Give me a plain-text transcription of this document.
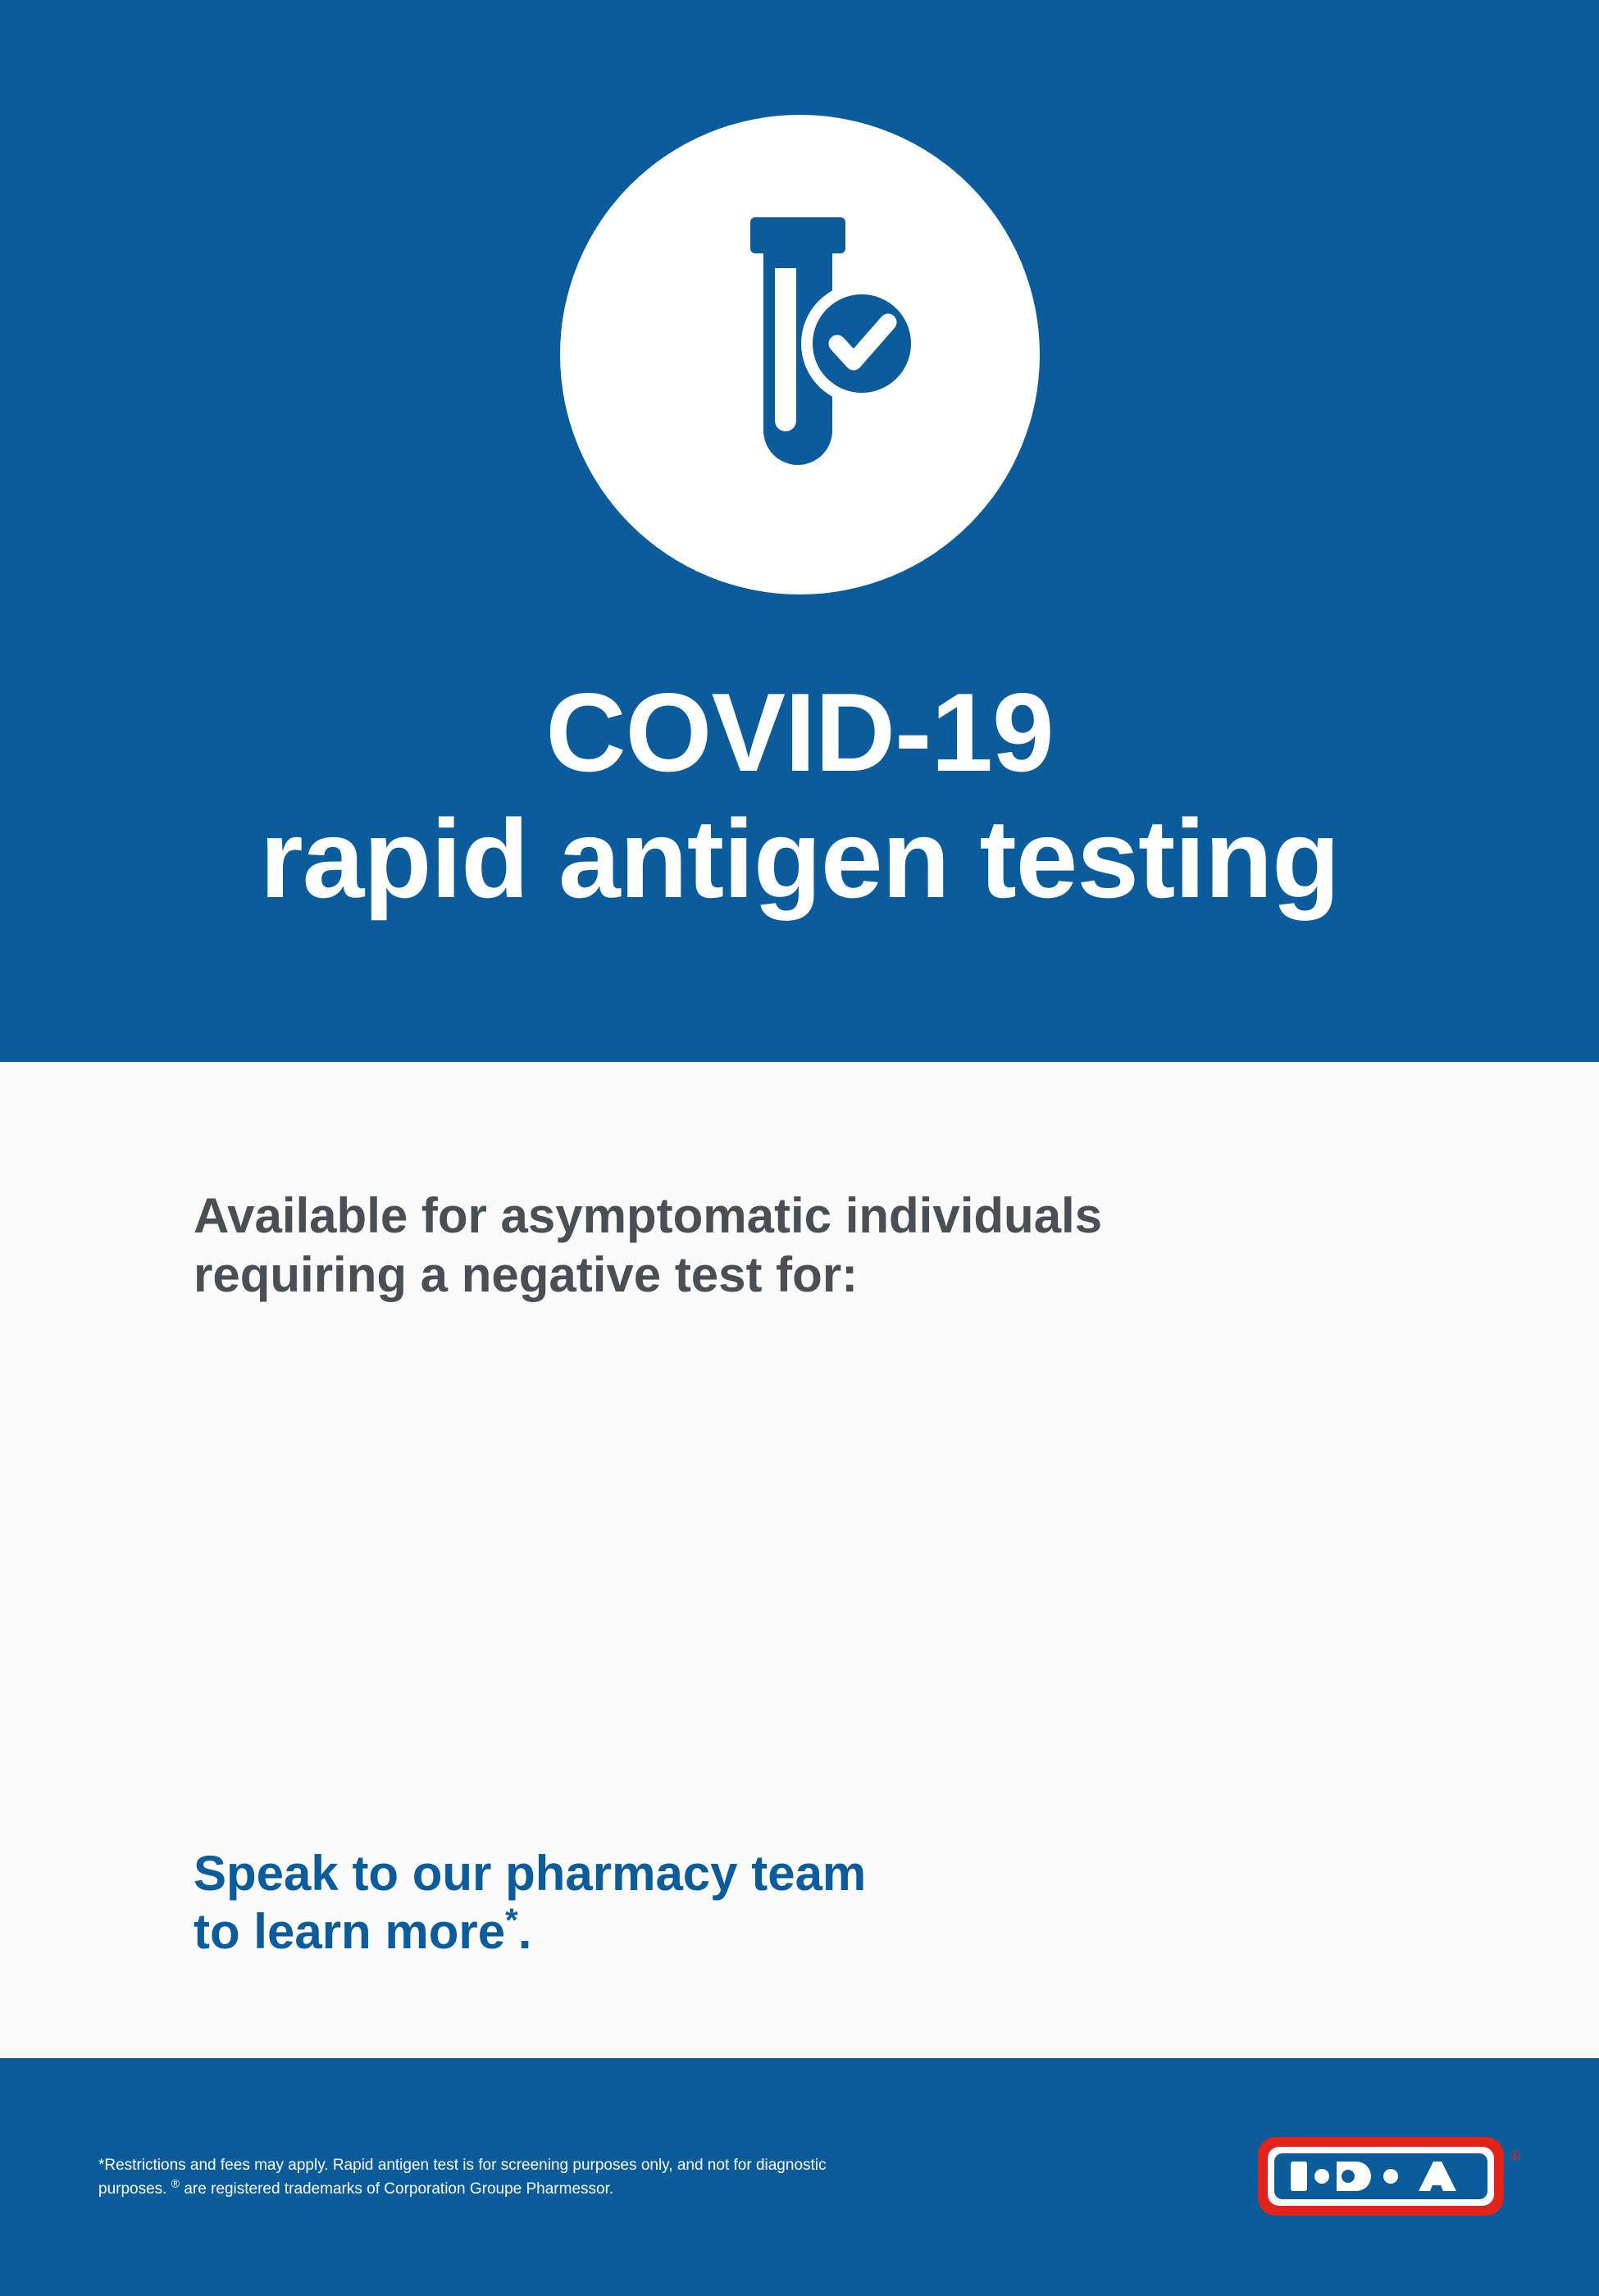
COVID-19
rapid antigen testing
Available for asymptomatic individuals
requiring a negative test for:
Speak to our pharmacy team
to learn more*.
*Restrictions and fees may apply. Rapid antigen test is for screening purposes only, and not for diagnostic
purposes. ® are registered trademarks of Corporation Groupe Pharmessor.
®
